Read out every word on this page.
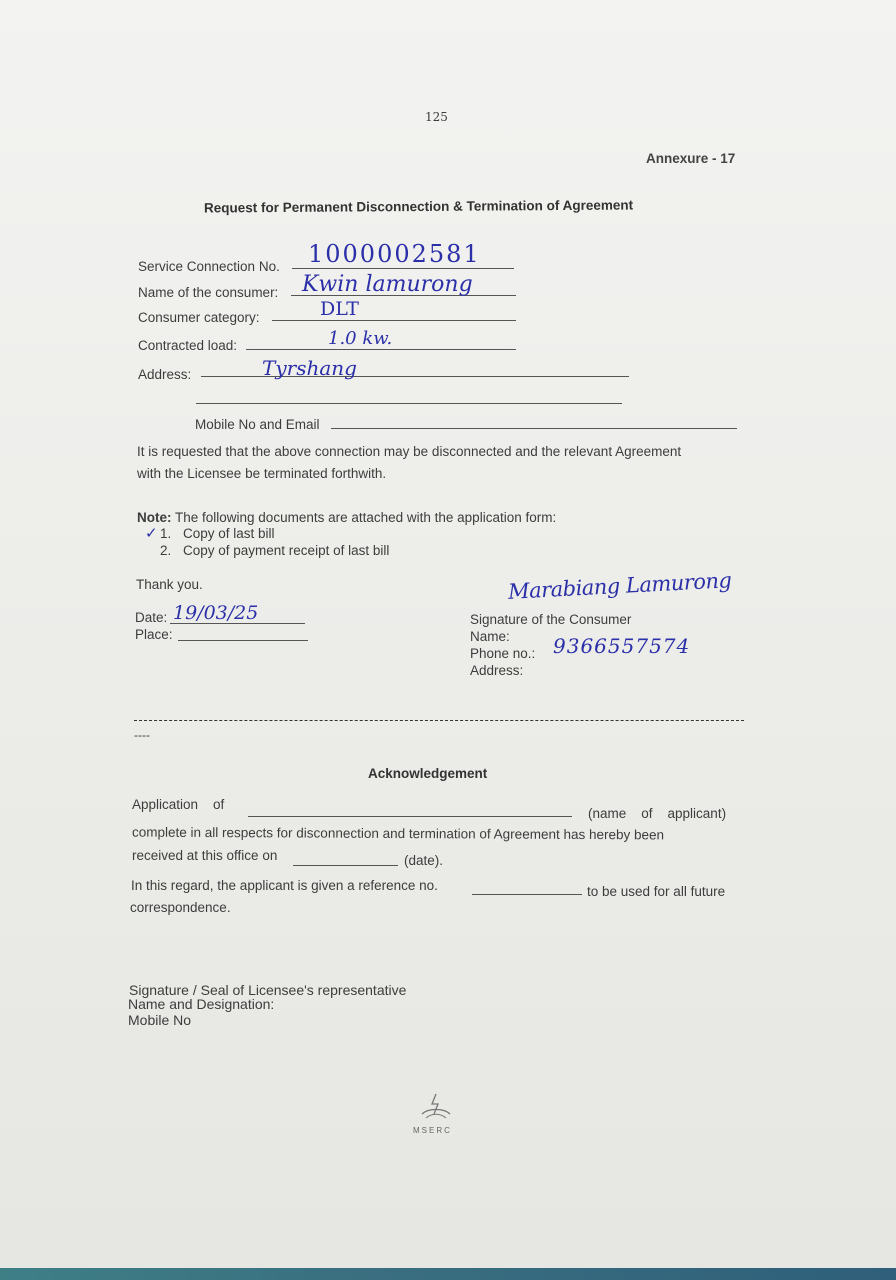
125
Annexure - 17
Request for Permanent Disconnection & Termination of Agreement
Service Connection No. 1000002581
Name of the consumer: Kwin lamurong
Consumer category:	DLT
Contracted load:	1.0 kw.
Address:	Tyrshang
Mobile No and Email
It is requested that the above connection may be disconnected and the relevant Agreement
with the Licensee be terminated forthwith.
Note: The following documents are attached with the application form:
✓ 1. Copy of last bill
2. Copy of payment receipt of last bill
Thank you.
Date: 19/03/25
Place:
Marabiang Lamurong
Signature of the Consumer
Name:
Phone no.: 9366557574
Address:
----
Acknowledgement
Application    of
(name    of    applicant)
complete in all respects for disconnection and termination of Agreement has hereby been
received at this office on	(date).
In this regard, the applicant is given a reference no.	to be used for all future
correspondence.
Signature / Seal of Licensee's representative
Name and Designation:
Mobile No
MSERC
